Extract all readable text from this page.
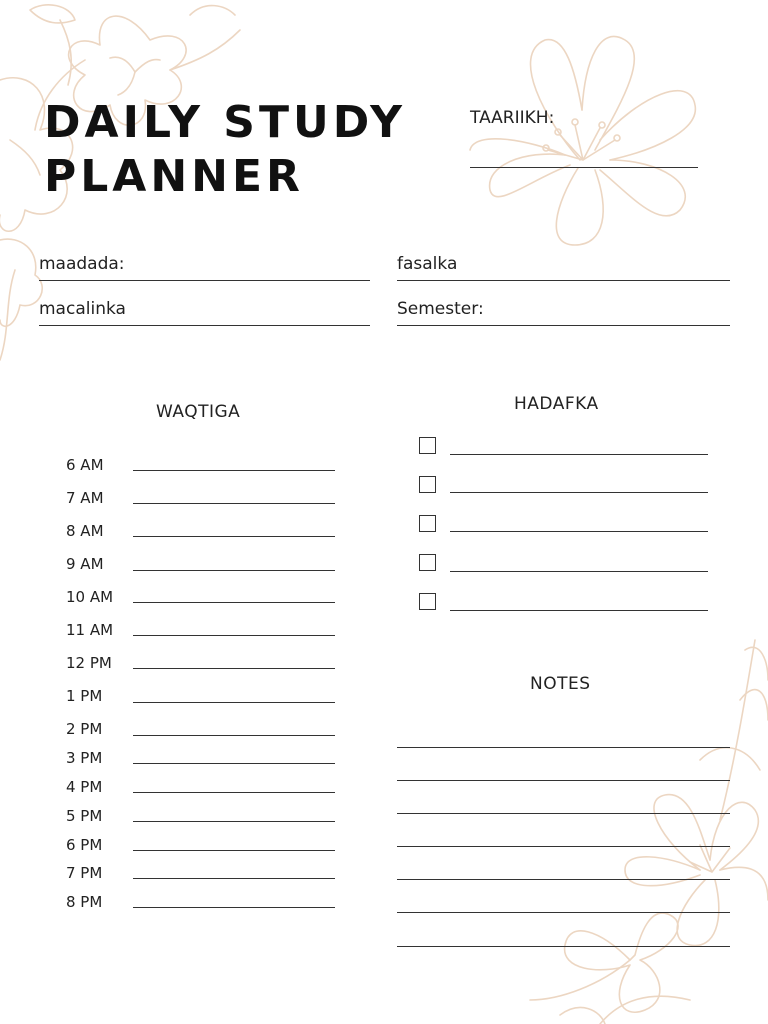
DAILY STUDY
PLANNER
TAARIIKH:
maadada:	fasalka
macalinka	Semester:
WAQTIGA
6 AM
7 AM
8 AM
9 AM
10 AM
11 AM
12 PM
1 PM
2 PM
3 PM
4 PM
5 PM
6 PM
7 PM
8 PM
HADAFKA
NOTES
